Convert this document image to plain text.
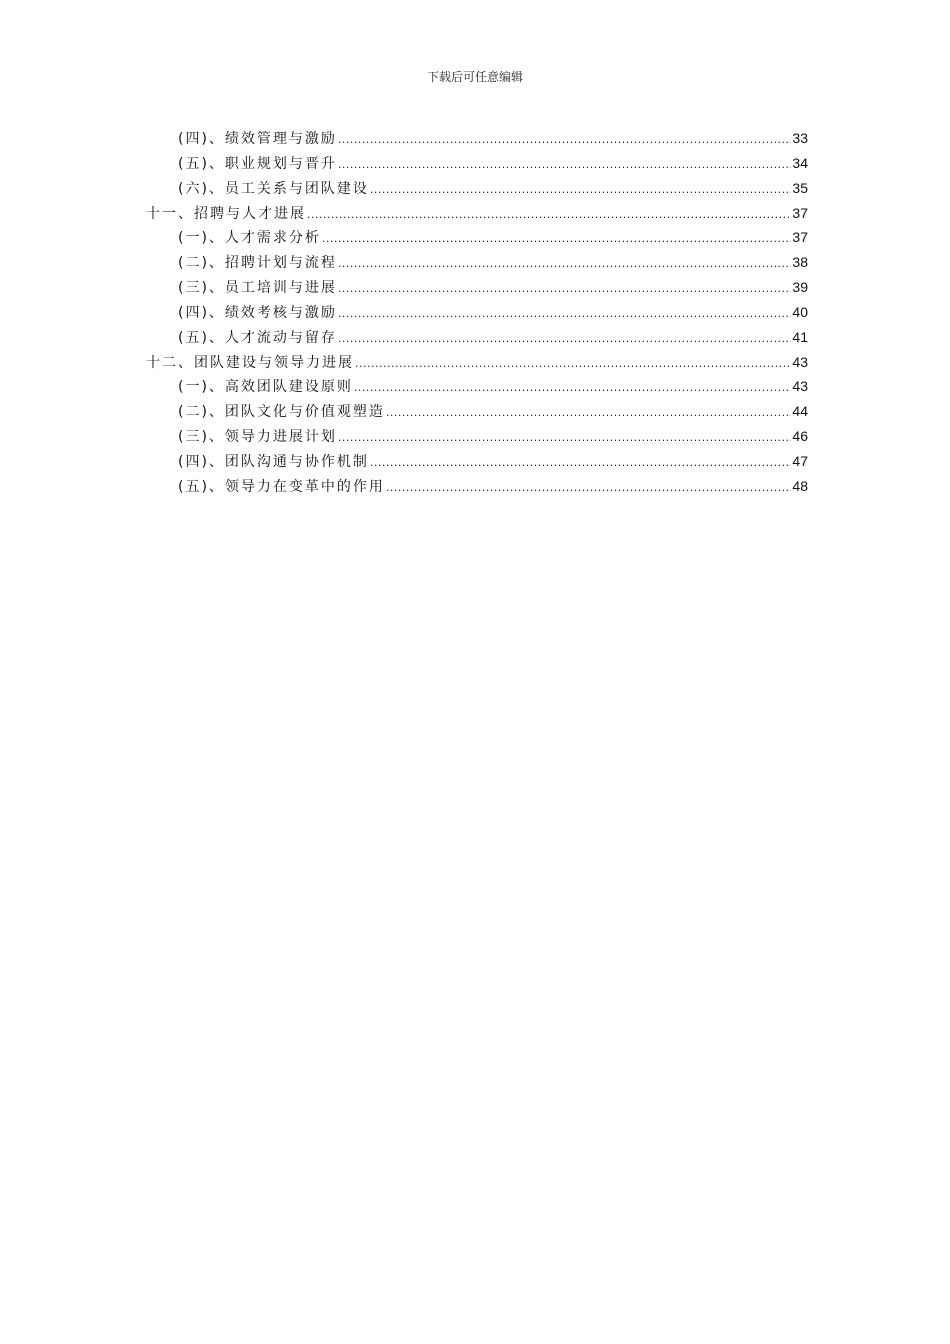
下载后可任意编辑
(四)、绩效管理与激励 .....	33
(五)、职业规划与晋升 .....	34
(六)、员工关系与团队建设 .....	35
十一、招聘与人才进展 .....	37
(一)、人才需求分析 .....	37
(二)、招聘计划与流程 .....	38
(三)、员工培训与进展 .....	39
(四)、绩效考核与激励 .....	40
(五)、人才流动与留存 .....	41
十二、团队建设与领导力进展 .....	43
(一)、高效团队建设原则 .....	43
(二)、团队文化与价值观塑造 .....	44
(三)、领导力进展计划 .....	46
(四)、团队沟通与协作机制 .....	47
(五)、领导力在变革中的作用 .....	48
